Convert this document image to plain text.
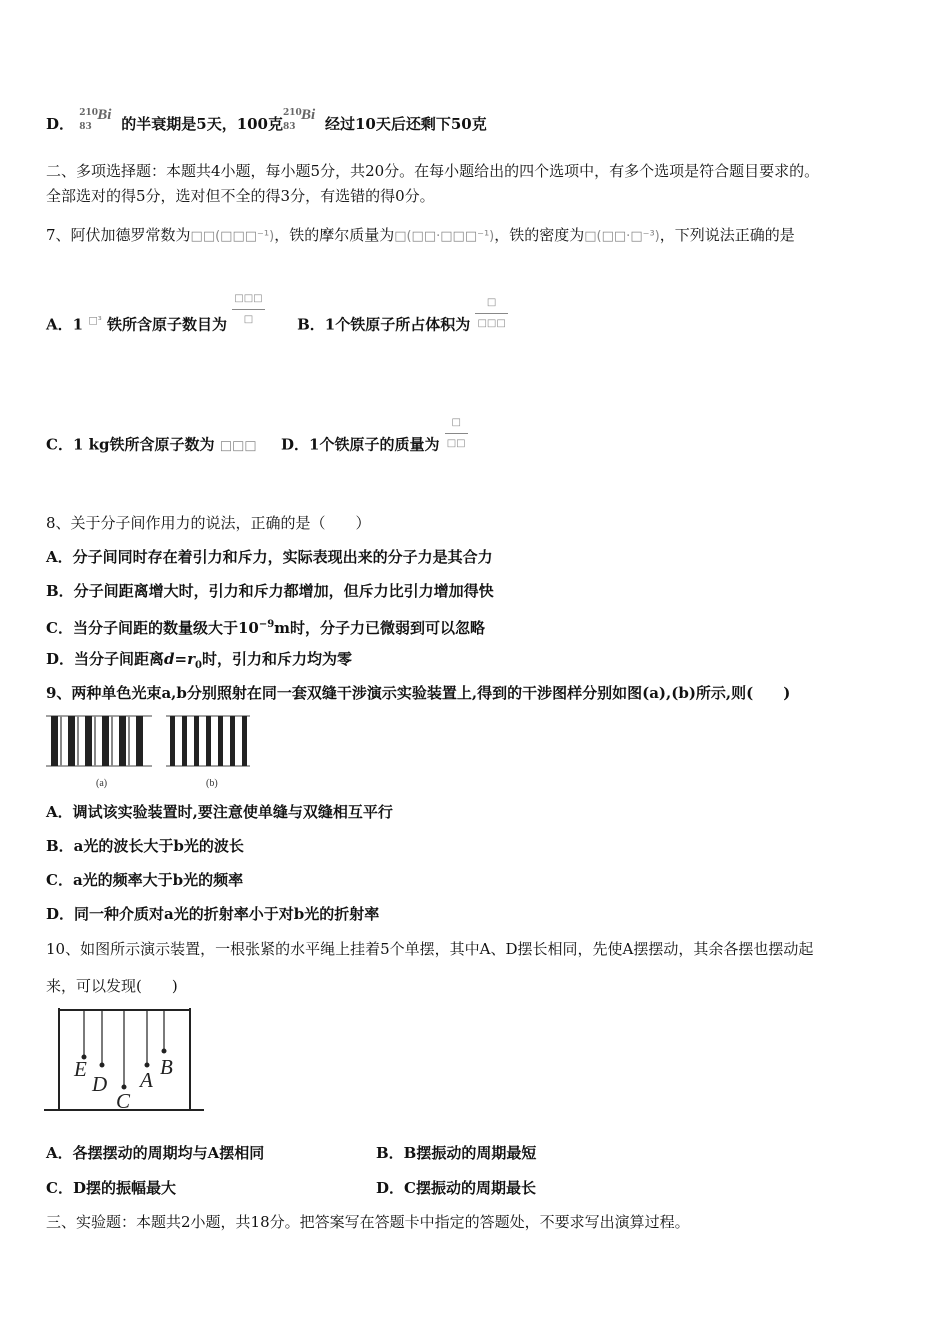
D．
210
83
Bi 的半衰期是5天，100克
210
83
Bi 经过10天后还剩下50克
二、多项选择题：本题共4小题，每小题5分，共20分。在每小题给出的四个选项中，有多个选项是符合题目要求的。
全部选对的得5分，选对但不全的得3分，有选错的得0分。
7、阿伏加德罗常数为□□(□□□⁻¹)，铁的摩尔质量为□(□□·□□□⁻¹)，铁的密度为□(□□·□⁻³)，下列说法正确的是
A．1 $^{□^3}$ 铁所含原子数目为 $\frac{□□□}{□}$ B．1个铁原子所占体积为 $\frac{□}{□□□}$
C．1 kg铁所含原子数为 □□□ D．1个铁原子的质量为 $\frac{□}{□□}$
8、关于分子间作用力的说法，正确的是（　　）
A．分子间同时存在着引力和斥力，实际表现出来的分子力是其合力
B．分子间距离增大时，引力和斥力都增加，但斥力比引力增加得快
C．当分子间距的数量级大于$10^{-9}m$时，分子力已微弱到可以忽略
D．当分子间距离$d=r_0$时，引力和斥力均为零
9、两种单色光束a,b分别照射在同一套双缝干涉演示实验装置上,得到的干涉图样分别如图(a),(b)所示,则(　　)
(a)	(b)
A．调试该实验装置时,要注意使单缝与双缝相互平行
B．a光的波长大于b光的波长
C．a光的频率大于b光的频率
D．同一种介质对a光的折射率小于对b光的折射率
10、如图所示演示装置，一根张紧的水平绳上挂着5个单摆，其中A、D摆长相同，先使A摆摆动，其余各摆也摆动起
来，可以发现(　　)
E
D
C
A
B
A．各摆摆动的周期均与A摆相同	B．B摆振动的周期最短
C．D摆的振幅最大	D．C摆振动的周期最长
三、实验题：本题共2小题，共18分。把答案写在答题卡中指定的答题处，不要求写出演算过程。
